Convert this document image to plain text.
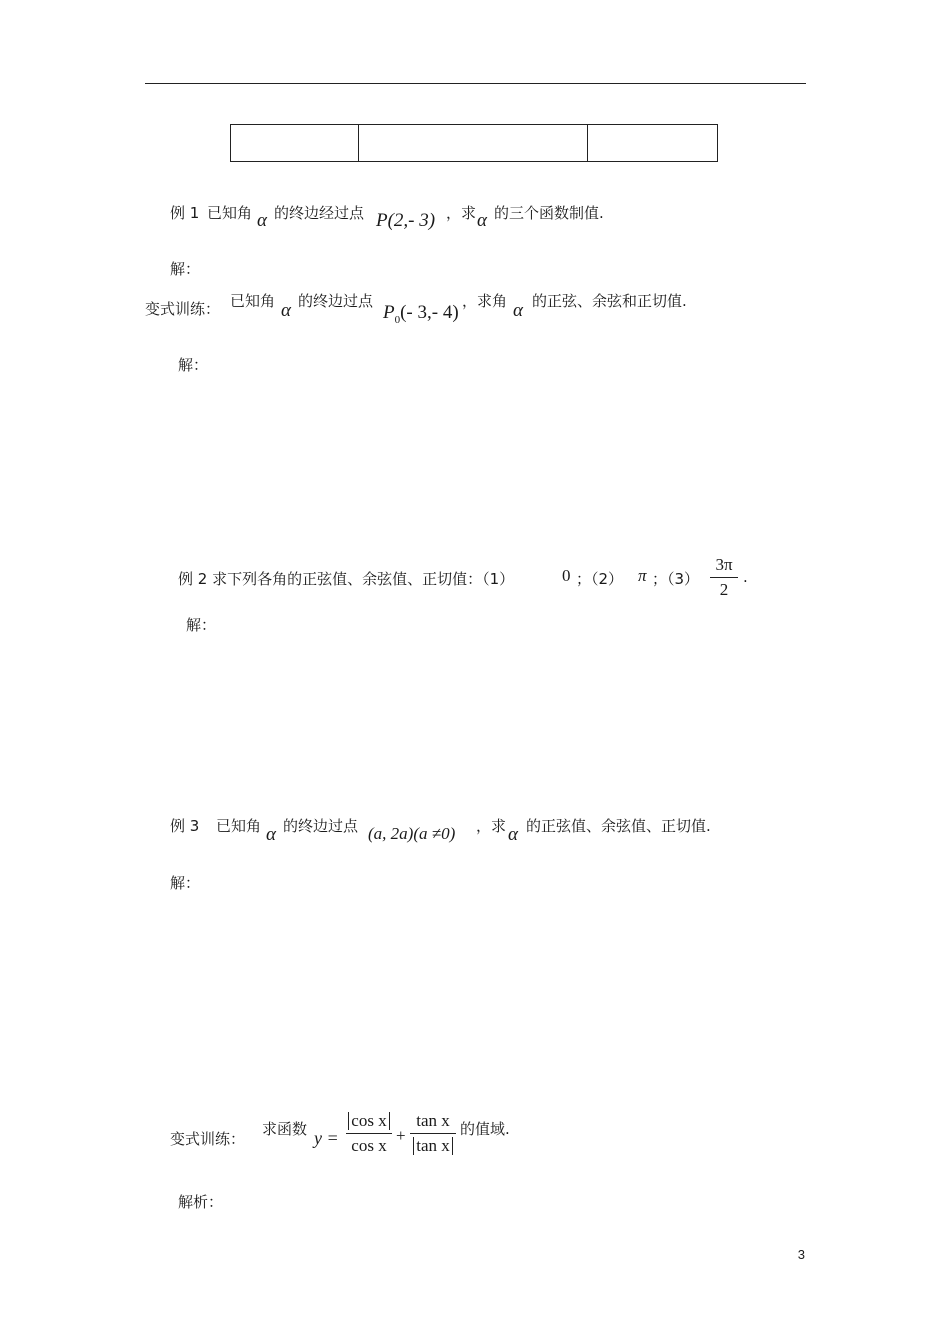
例 1 已知角 α 的终边经过点 P(2,- 3) ，求 α 的三个函数制值.
解：
变式训练： 已知角 α 的终边过点
$P_0(-$ 3,- 4)
，求角 α 的正弦、余弦和正切值.
解：
例 2 求下列各角的正弦值、余弦值、正切值：（1）	0 ；（2） π ；（3）
3π
2
.
解：
例 3 已知角 α 的终边过点 (a, 2a)(a ≠0) ，求 α 的正弦值、余弦值、正切值.
解：
变式训练：
求函数 y =
cos x
cos x
+
tan x
tan x
的值域.
解析：
3
